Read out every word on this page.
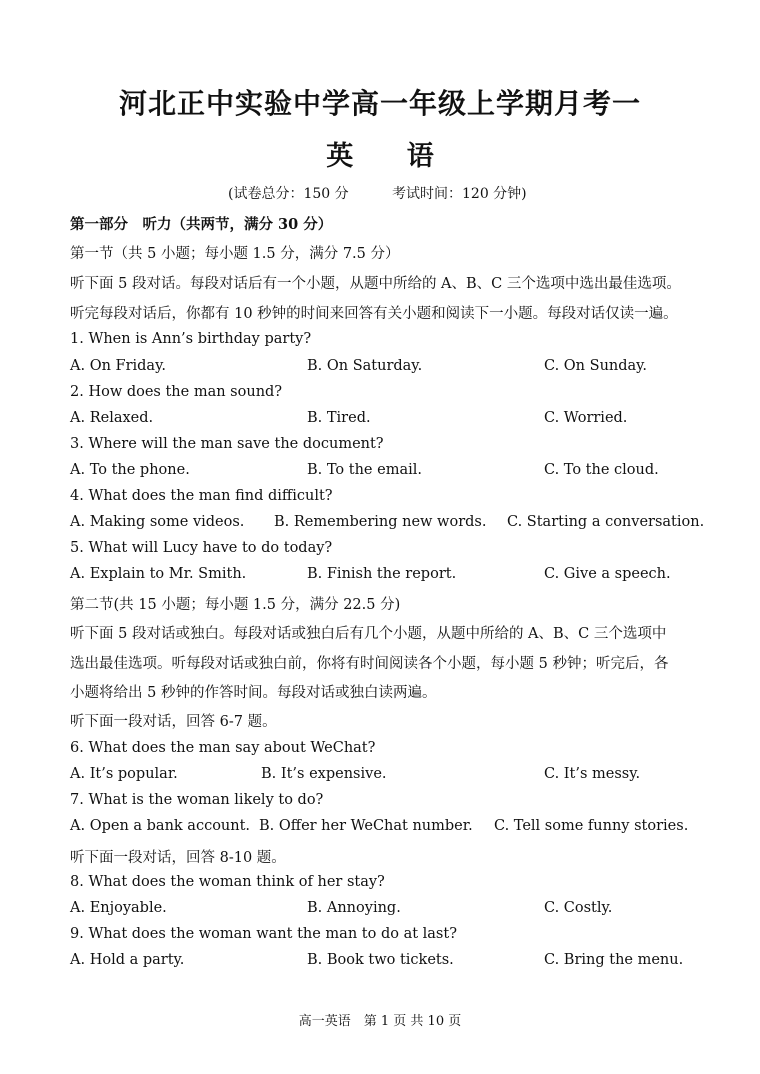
河北正中实验中学高一年级上学期月考一
英 语
(试卷总分：150 分	考试时间：120 分钟)
第一部分　听力（共两节，满分 30 分）
第一节（共 5 小题；每小题 1.5 分，满分 7.5 分）
听下面 5 段对话。每段对话后有一个小题，从题中所给的 A、B、C 三个选项中选出最佳选项。
听完每段对话后，你都有 10 秒钟的时间来回答有关小题和阅读下一小题。每段对话仅读一遍。
1. When is Ann’s birthday party?
A. On Friday.	B. On Saturday.	C. On Sunday.
2. How does the man sound?
A. Relaxed.	B. Tired.	C. Worried.
3. Where will the man save the document?
A. To the phone.	B. To the email.	C. To the cloud.
4. What does the man find difficult?
A. Making some videos. B. Remembering new words. C. Starting a conversation.
5. What will Lucy have to do today?
A. Explain to Mr. Smith.	B. Finish the report.	C. Give a speech.
第二节(共 15 小题；每小题 1.5 分，满分 22.5 分)
听下面 5 段对话或独白。每段对话或独白后有几个小题，从题中所给的 A、B、C 三个选项中
选出最佳选项。听每段对话或独白前，你将有时间阅读各个小题，每小题 5 秒钟；听完后，各
小题将给出 5 秒钟的作答时间。每段对话或独白读两遍。
听下面一段对话，回答 6-7 题。
6. What does the man say about WeChat?
A. It’s popular.	B. It’s expensive.	C. It’s messy.
7. What is the woman likely to do?
A. Open a bank account. B. Offer her WeChat number. C. Tell some funny stories.
听下面一段对话，回答 8-10 题。
8. What does the woman think of her stay?
A. Enjoyable.	B. Annoying.	C. Costly.
9. What does the woman want the man to do at last?
A. Hold a party.	B. Book two tickets.	C. Bring the menu.
高一英语　第 1 页 共 10 页
